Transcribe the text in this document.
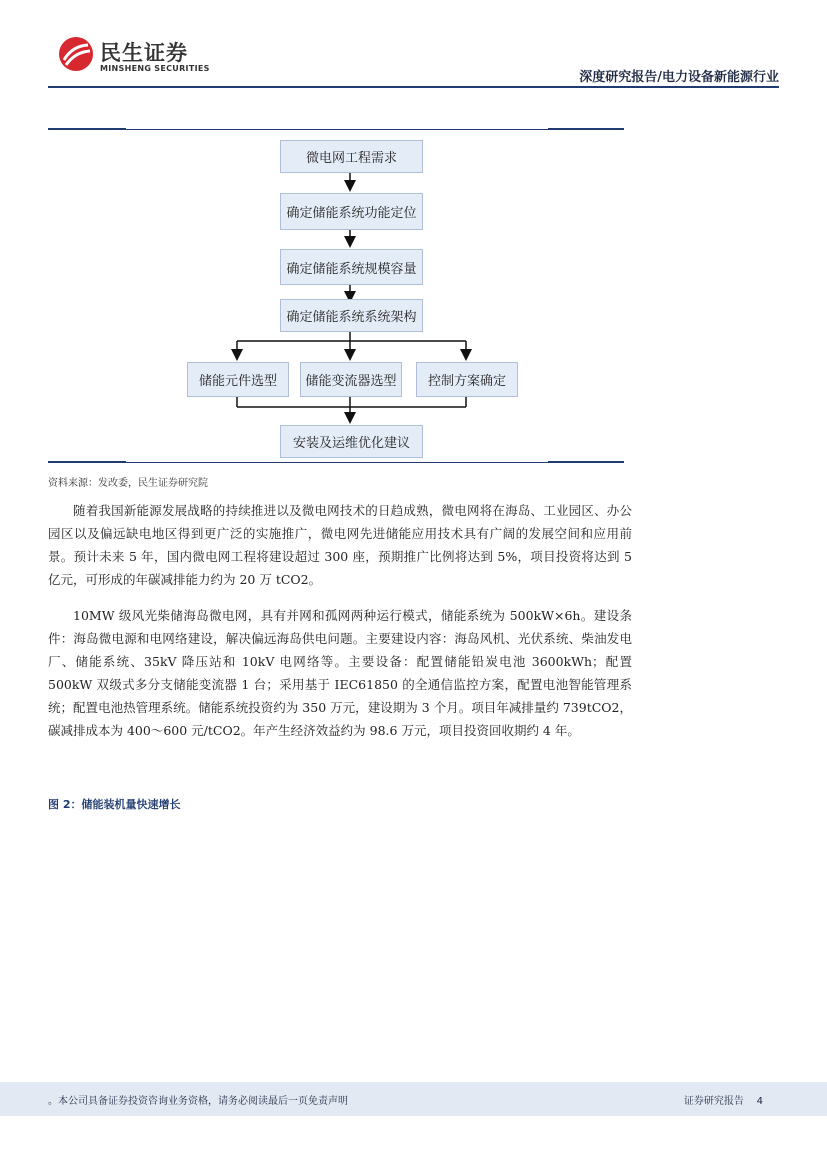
民生证券
MINSHENG SECURITIES
深度研究报告/电力设备新能源行业
微电网工程需求
确定储能系统功能定位
确定储能系统规模容量
确定储能系统系统架构
储能元件选型	储能变流器选型	控制方案确定
安装及运维优化建议
资料来源：发改委，民生证券研究院

随着我国新能源发展战略的持续推进以及微电网技术的日趋成熟，微电网将在海岛、工业园区、办公园区以及偏远缺电地区得到更广泛的实施推广，微电网先进储能应用技术具有广阔的发展空间和应用前景。预计未来 5 年，国内微电网工程将建设超过 300 座，预期推广比例将达到 5%，项目投资将达到 5 亿元，可形成的年碳减排能力约为 20 万 tCO2。

10MW 级风光柴储海岛微电网，具有并网和孤网两种运行模式，储能系统为 500kW×6h。建设条件：海岛微电源和电网络建设，解决偏远海岛供电问题。主要建设内容：海岛风机、光伏系统、柴油发电厂、储能系统、35kV 降压站和 10kV 电网络等。主要设备：配置储能铅炭电池 3600kWh；配置 500kW 双级式多分支储能变流器 1 台；采用基于 IEC61850 的全通信监控方案，配置电池智能管理系统；配置电池热管理系统。储能系统投资约为 350 万元，建设期为 3 个月。项目年减排量约 739tCO2，碳减排成本为 400～600 元/tCO2。年产生经济效益约为 98.6 万元，项目投资回收期约 4 年。

图 2：储能装机量快速增长
。本公司具备证券投资咨询业务资格，请务必阅读最后一页免责声明	证券研究报告 4
